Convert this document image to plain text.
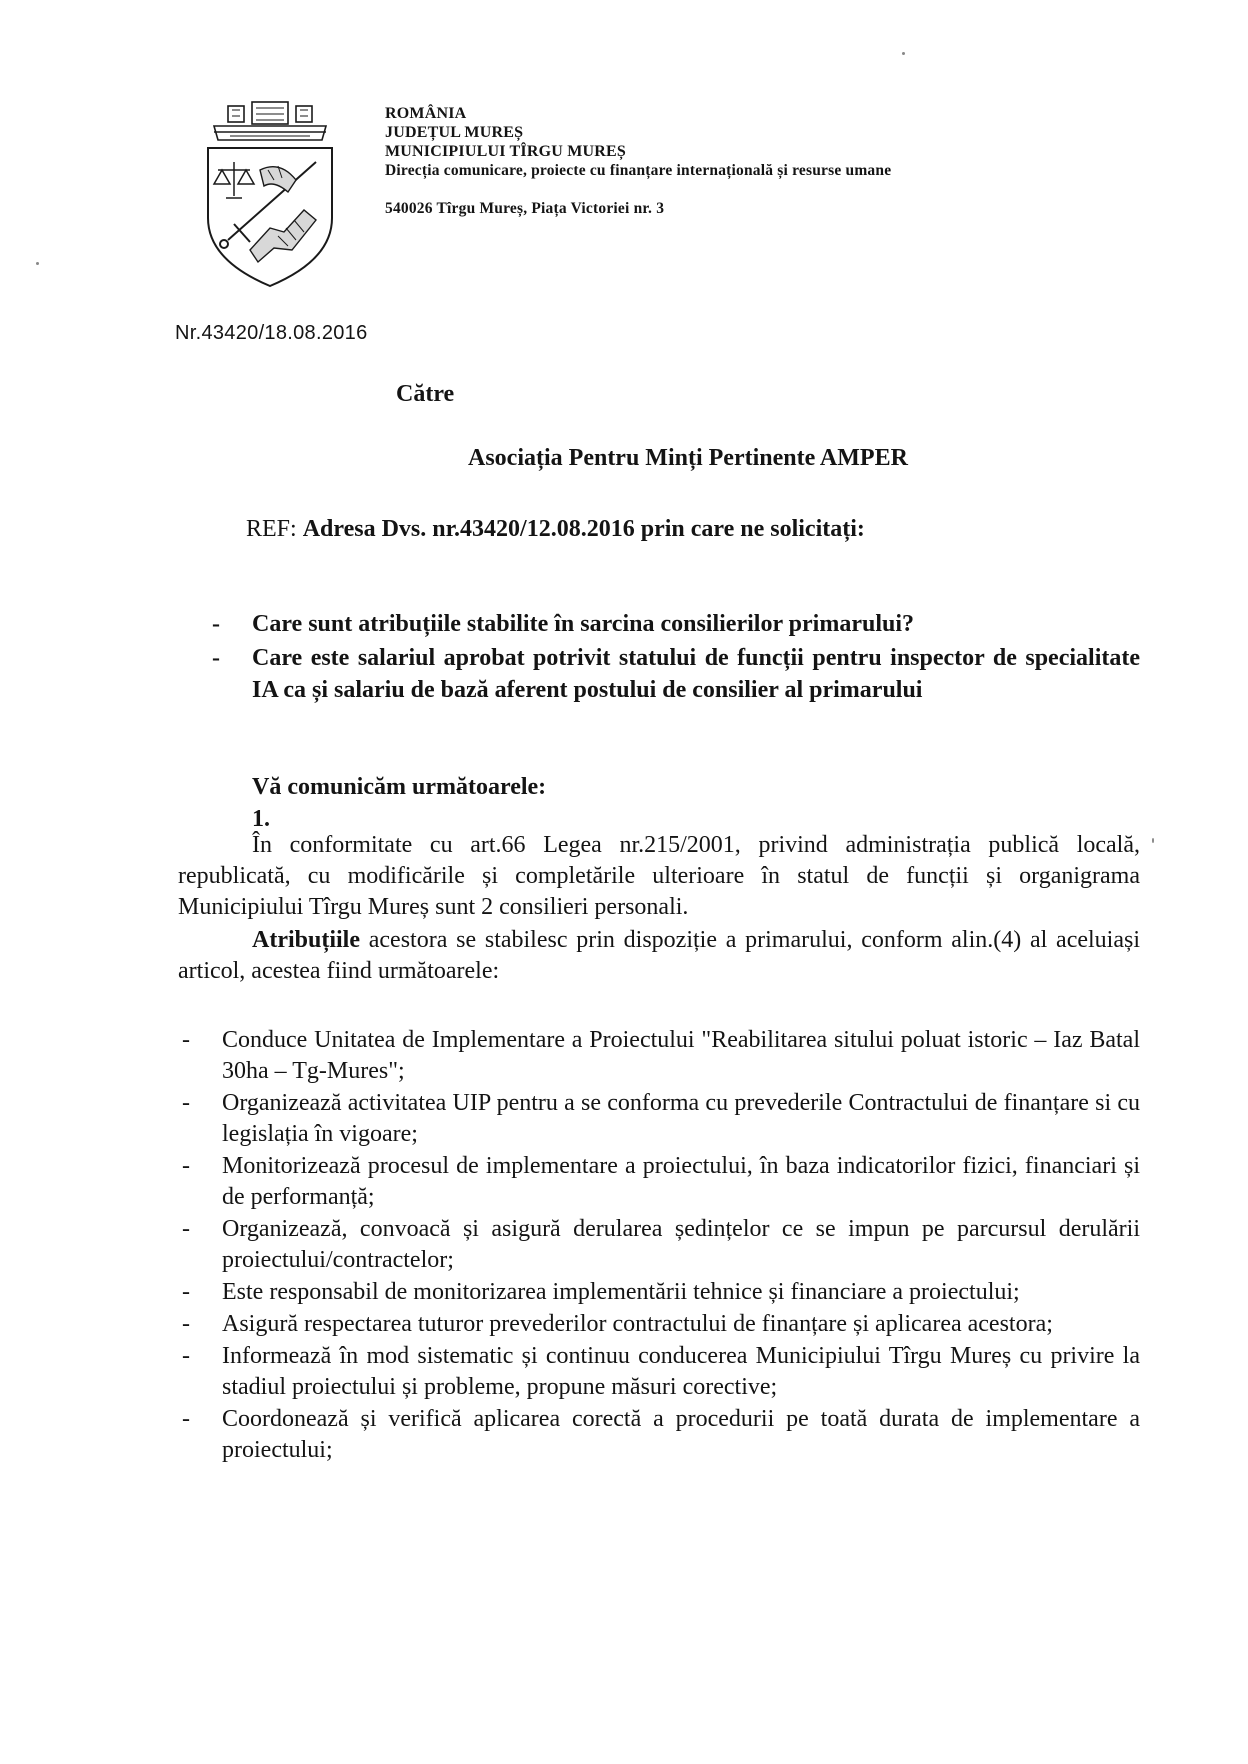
ROMÂNIA
JUDEȚUL MUREȘ
MUNICIPIULUI TÎRGU MUREȘ
Direcția comunicare, proiecte cu finanțare internațională și resurse umane
540026 Tîrgu Mureș, Piața Victoriei nr. 3
Nr.43420/18.08.2016
Către
Asociația Pentru Minți Pertinente AMPER
REF: Adresa Dvs. nr.43420/12.08.2016 prin care ne solicitați:
-	Care sunt atribuțiile stabilite în sarcina consilierilor primarului?
-	Care este salariul aprobat potrivit statului de funcții pentru inspector de specialitate IA ca și salariu de bază aferent postului de consilier al primarului
Vă comunicăm următoarele:
1.
În conformitate cu art.66 Legea nr.215/2001, privind administrația publică locală, republicată, cu modificările și completările ulterioare în statul de funcții și organigrama Municipiului Tîrgu Mureș sunt 2 consilieri personali.
Atribuțiile acestora se stabilesc prin dispoziție a primarului, conform alin.(4) al aceluiași articol, acestea fiind următoarele:
-	Conduce Unitatea de Implementare a Proiectului "Reabilitarea sitului poluat istoric – Iaz Batal 30ha – Tg-Mures";
-	Organizează activitatea UIP pentru a se conforma cu prevederile Contractului de finanțare si cu legislația în vigoare;
-	Monitorizează procesul de implementare a proiectului, în baza indicatorilor fizici, financiari și de performanță;
-	Organizează, convoacă și asigură derularea ședințelor ce se impun pe parcursul derulării proiectului/contractelor;
-	Este responsabil de monitorizarea implementării tehnice și financiare a proiectului;
-	Asigură respectarea tuturor prevederilor contractului de finanțare și aplicarea acestora;
-	Informează în mod sistematic și continuu conducerea Municipiului Tîrgu Mureș cu privire la stadiul proiectului și probleme, propune măsuri corective;
-	Coordonează și verifică aplicarea corectă a procedurii pe toată durata de implementare a proiectului;
